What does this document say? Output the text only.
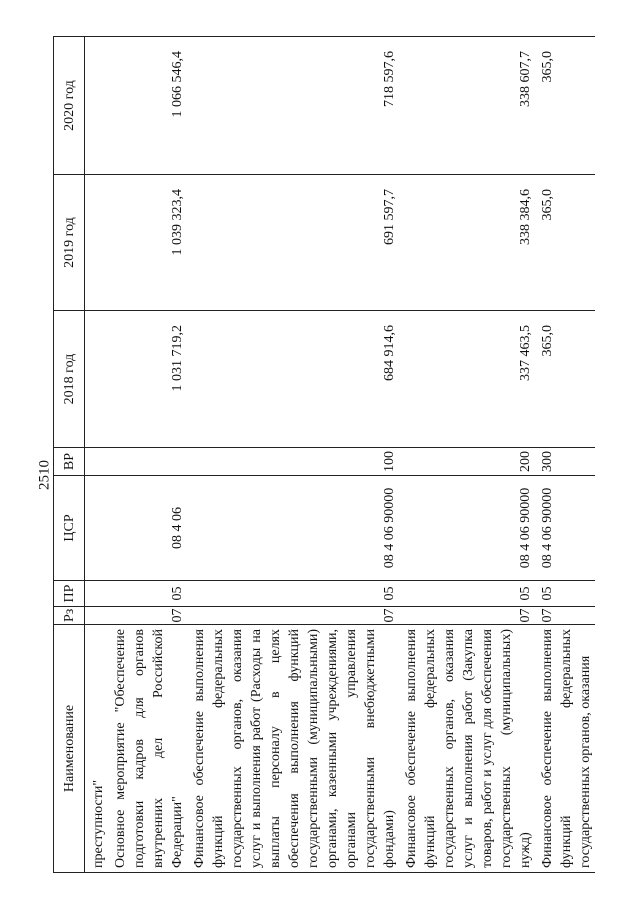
2510
Наименование	Рз	ПР	ЦСР	ВР	2018 год	2019 год	2020 год
преступности"							
Основное мероприятие "Обеспечение подготовки кадров для органов внутренних дел Российской Федерации"	07	05	08 4 06		1 031 719,2	1 039 323,4	1 066 546,4
Финансовое обеспечение выполнения функций федеральных государственных органов, оказания услуг и выполнения работ (Расходы на выплаты персоналу в целях обеспечения выполнения функций государственными (муниципальными) органами, казенными учреждениями, органами управления государственными внебюджетными фондами)	07	05	08 4 06 90000	100	684 914,6	691 597,7	718 597,6
Финансовое обеспечение выполнения функций федеральных государственных органов, оказания услуг и выполнения работ (Закупка товаров, работ и услуг для обеспечения государственных (муниципальных) нужд)	07	05	08 4 06 90000	200	337 463,5	338 384,6	338 607,7
Финансовое обеспечение выполнения функций федеральных государственных органов, оказания	07	05	08 4 06 90000	300	365,0	365,0	365,0
